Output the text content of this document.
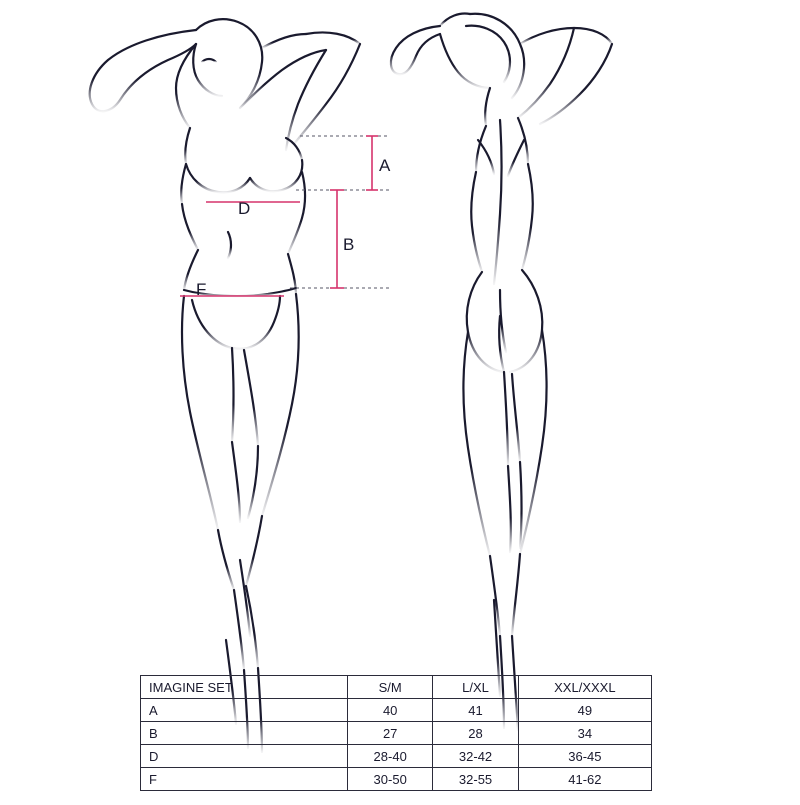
A
B
D
F
IMAGINE SET	S/M	L/XL	XXL/XXXL
A	40	41	49
B	27	28	34
D	28-40	32-42	36-45
F	30-50	32-55	41-62
